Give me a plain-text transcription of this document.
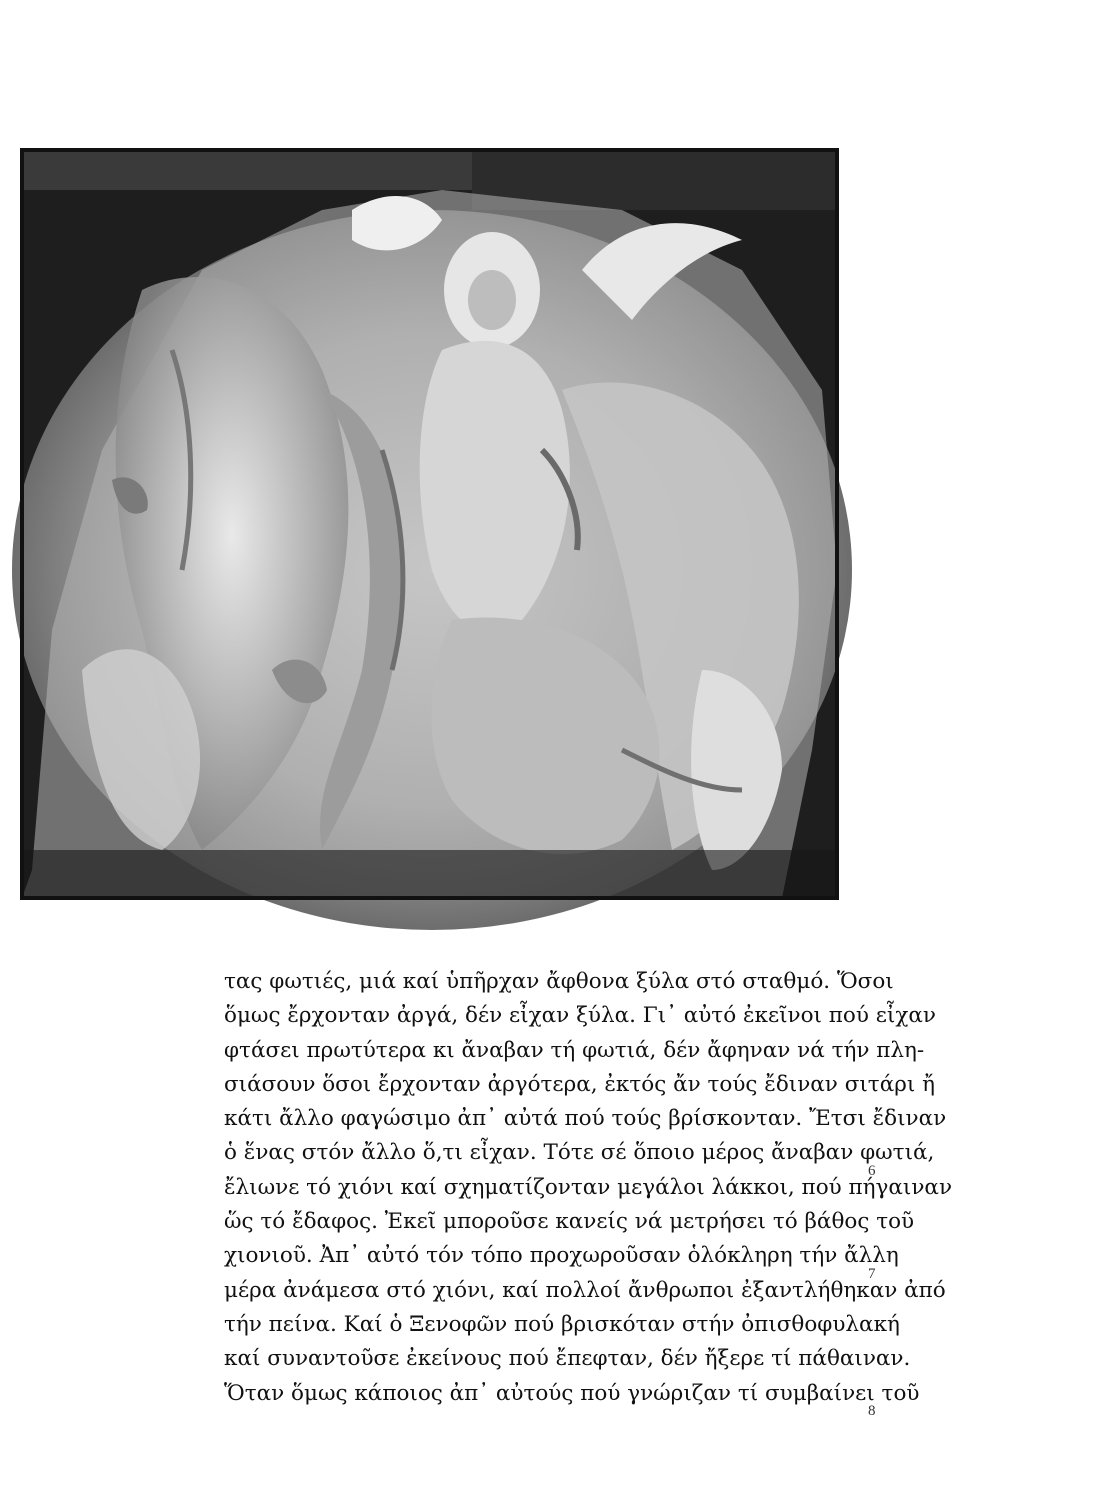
τας φωτιές, μιά καί ὑπῆρχαν ἄφθονα ξύλα στό σταθμό. Ὅσοι
ὅμως ἔρχονταν ἀργά, δέν εἶχαν ξύλα. Γι᾽ αὐτό ἐκεῖνοι πού εἶχαν
φτάσει πρωτύτερα κι ἄναβαν τή φωτιά, δέν ἄφηναν νά τήν πλη-
σιάσουν ὅσοι ἔρχονταν ἀργότερα, ἐκτός ἄν τούς ἔδιναν σιτάρι ἤ
κάτι ἄλλο φαγώσιμο ἀπ᾽ αὐτά πού τούς βρίσκονταν. Ἔτσι ἔδιναν
ὁ ἕνας στόν ἄλλο ὅ,τι εἶχαν. Τότε σέ ὅποιο μέρος ἄναβαν φωτιά,
ἔλιωνε τό χιόνι καί σχηματίζονταν μεγάλοι λάκκοι, πού πήγαιναν
ὥς τό ἔδαφος. Ἐκεῖ μποροῦσε κανείς νά μετρήσει τό βάθος τοῦ
χιονιοῦ. Ἀπ᾽ αὐτό τόν τόπο προχωροῦσαν ὁλόκληρη τήν ἄλλη
μέρα ἀνάμεσα στό χιόνι, καί πολλοί ἄνθρωποι ἐξαντλήθηκαν ἀπό
τήν πείνα. Καί ὁ Ξενοφῶν πού βρισκόταν στήν ὀπισθοφυλακή
καί συναντοῦσε ἐκείνους πού ἔπεφταν, δέν ἤξερε τί πάθαιναν.
Ὅταν ὅμως κάποιος ἀπ᾽ αὐτούς πού γνώριζαν τί συμβαίνει τοῦ
6
7
8
